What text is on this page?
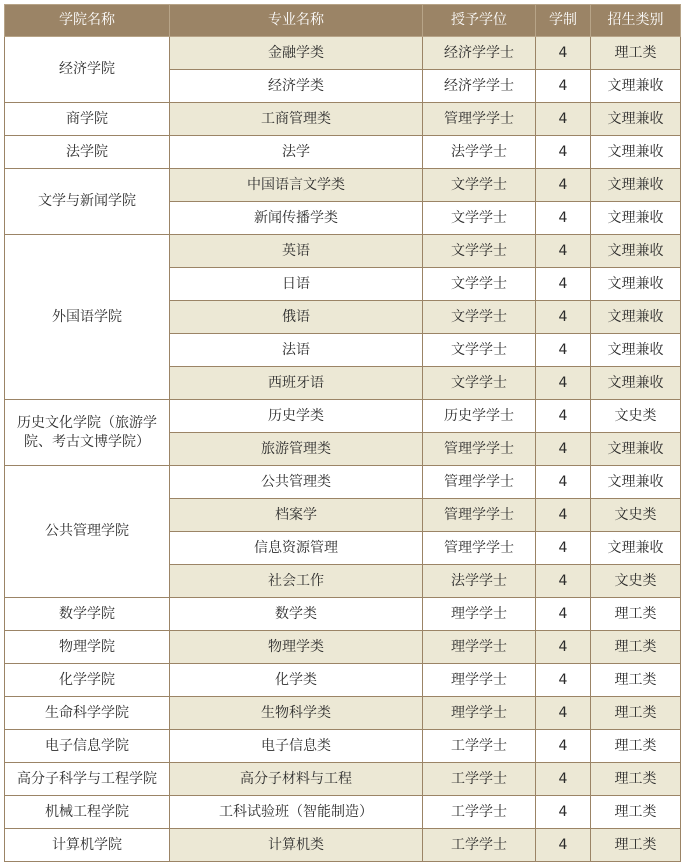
学院名称	专业名称	授予学位	学制	招生类别
经济学院	金融学类	经济学学士	4	理工类
	经济学类	经济学学士	4	文理兼收
商学院	工商管理类	管理学学士	4	文理兼收
法学院	法学	法学学士	4	文理兼收
文学与新闻学院	中国语言文学类	文学学士	4	文理兼收
	新闻传播学类	文学学士	4	文理兼收
外国语学院	英语	文学学士	4	文理兼收
	日语	文学学士	4	文理兼收
	俄语	文学学士	4	文理兼收
	法语	文学学士	4	文理兼收
	西班牙语	文学学士	4	文理兼收
历史文化学院（旅游学院、考古文博学院）	历史学类	历史学学士	4	文史类
	旅游管理类	管理学学士	4	文理兼收
公共管理学院	公共管理类	管理学学士	4	文理兼收
	档案学	管理学学士	4	文史类
	信息资源管理	管理学学士	4	文理兼收
	社会工作	法学学士	4	文史类
数学学院	数学类	理学学士	4	理工类
物理学院	物理学类	理学学士	4	理工类
化学学院	化学类	理学学士	4	理工类
生命科学学院	生物科学类	理学学士	4	理工类
电子信息学院	电子信息类	工学学士	4	理工类
高分子科学与工程学院	高分子材料与工程	工学学士	4	理工类
机械工程学院	工科试验班（智能制造）	工学学士	4	理工类
计算机学院	计算机类	工学学士	4	理工类
